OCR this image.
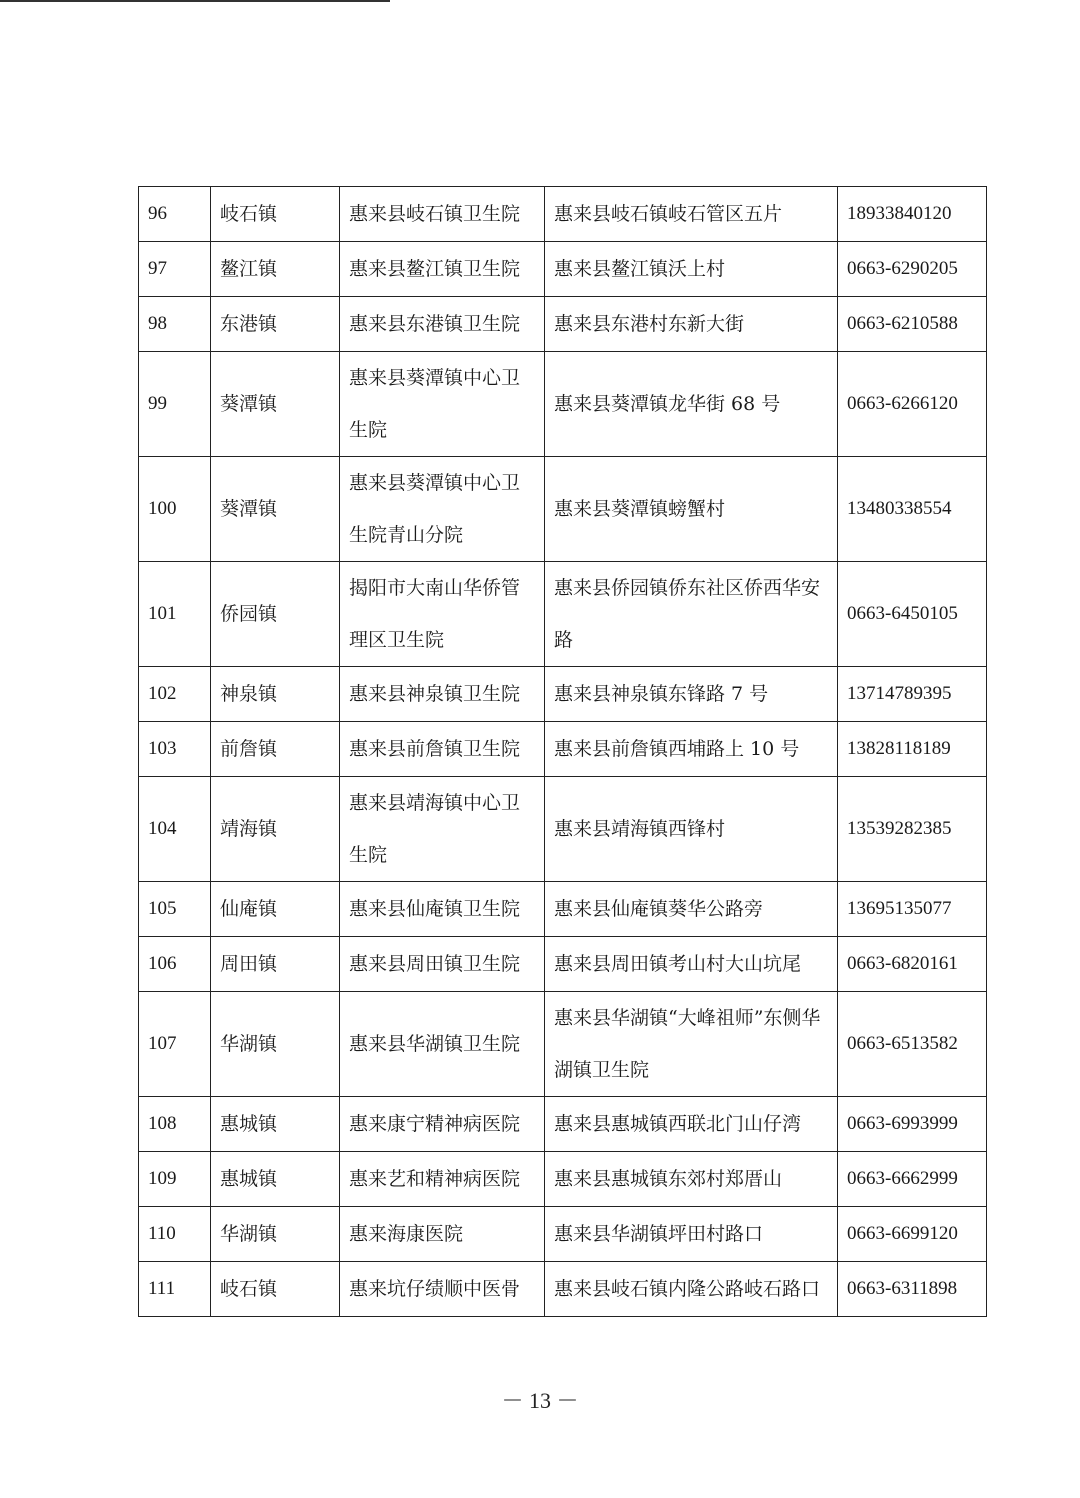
96	岐石镇	惠来县岐石镇卫生院	惠来县岐石镇岐石管区五片	18933840120
97	鳌江镇	惠来县鳌江镇卫生院	惠来县鳌江镇沃上村	0663-6290205
98	东港镇	惠来县东港镇卫生院	惠来县东港村东新大街	0663-6210588
99	葵潭镇	惠来县葵潭镇中心卫生院	惠来县葵潭镇龙华街 68 号	0663-6266120
100	葵潭镇	惠来县葵潭镇中心卫生院青山分院	惠来县葵潭镇螃蟹村	13480338554
101	侨园镇	揭阳市大南山华侨管理区卫生院	惠来县侨园镇侨东社区侨西华安路	0663-6450105
102	神泉镇	惠来县神泉镇卫生院	惠来县神泉镇东锋路 7 号	13714789395
103	前詹镇	惠来县前詹镇卫生院	惠来县前詹镇西埔路上 10 号	13828118189
104	靖海镇	惠来县靖海镇中心卫生院	惠来县靖海镇西锋村	13539282385
105	仙庵镇	惠来县仙庵镇卫生院	惠来县仙庵镇葵华公路旁	13695135077
106	周田镇	惠来县周田镇卫生院	惠来县周田镇考山村大山坑尾	0663-6820161
107	华湖镇	惠来县华湖镇卫生院	惠来县华湖镇“大峰祖师”东侧华湖镇卫生院	0663-6513582
108	惠城镇	惠来康宁精神病医院	惠来县惠城镇西联北门山仔湾	0663-6993999
109	惠城镇	惠来艺和精神病医院	惠来县惠城镇东郊村郑厝山	0663-6662999
110	华湖镇	惠来海康医院	惠来县华湖镇坪田村路口	0663-6699120
111	岐石镇	惠来坑仔绩顺中医骨	惠来县岐石镇内隆公路岐石路口	0663-6311898
－ 13 －
